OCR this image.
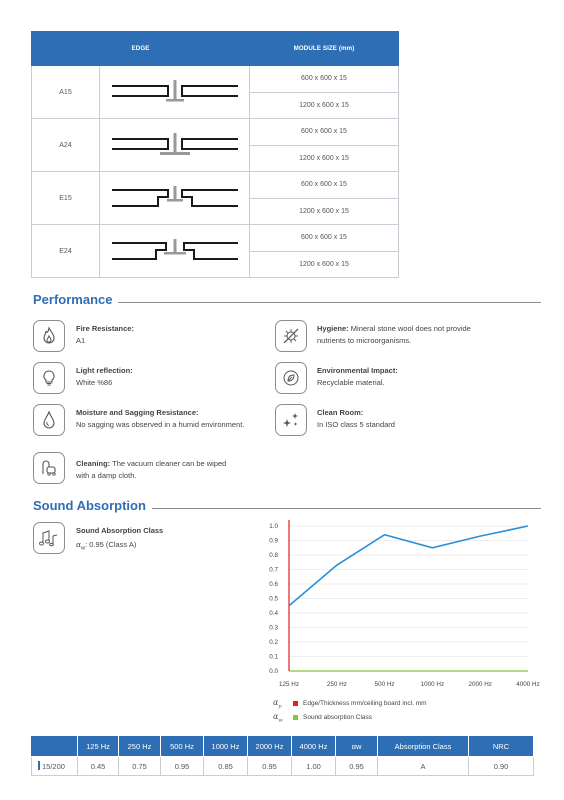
EDGE		MODULE SIZE (mm)
A15		600 x 600 x 15
		1200 x 600 x 15
A24		600 x 600 x 15
		1200 x 600 x 15
E15		600 x 600 x 15
		1200 x 600 x 15
E24		600 x 600 x 15
		1200 x 600 x 15
Performance
Fire Resistance:
A1
Light reflection:
White %86
Moisture and Sagging Resistance:
No sagging was observed in a humid environment.
Cleaning: The vacuum cleaner can be wiped with a damp cloth.
Hygiene: Mineral stone wool does not provide nutrients to microorganisms.
Environmental Impact:
Recyclable material.
Clean Room:
In ISO class 5 standard
Sound Absorption
Sound Absorption Class
$\alpha_w$: 0.95 (Class A)
0.0
0.1
0.2
0.3
0.4
0.5
0.6
0.7
0.8
0.9
1.0
125 Hz	250 Hz	500 Hz	1000 Hz	2000 Hz	4000 Hz
$\alpha_p$	Edge/Thickness mm/ceiling board incl. mm
$\alpha_w$	Sound absorption Class
	125 Hz	250 Hz	500 Hz	1000 Hz	2000 Hz	4000 Hz	αw	Absorption Class	NRC
15/200	0.45	0.75	0.95	0.85	0.95	1.00	0.95	A	0.90
